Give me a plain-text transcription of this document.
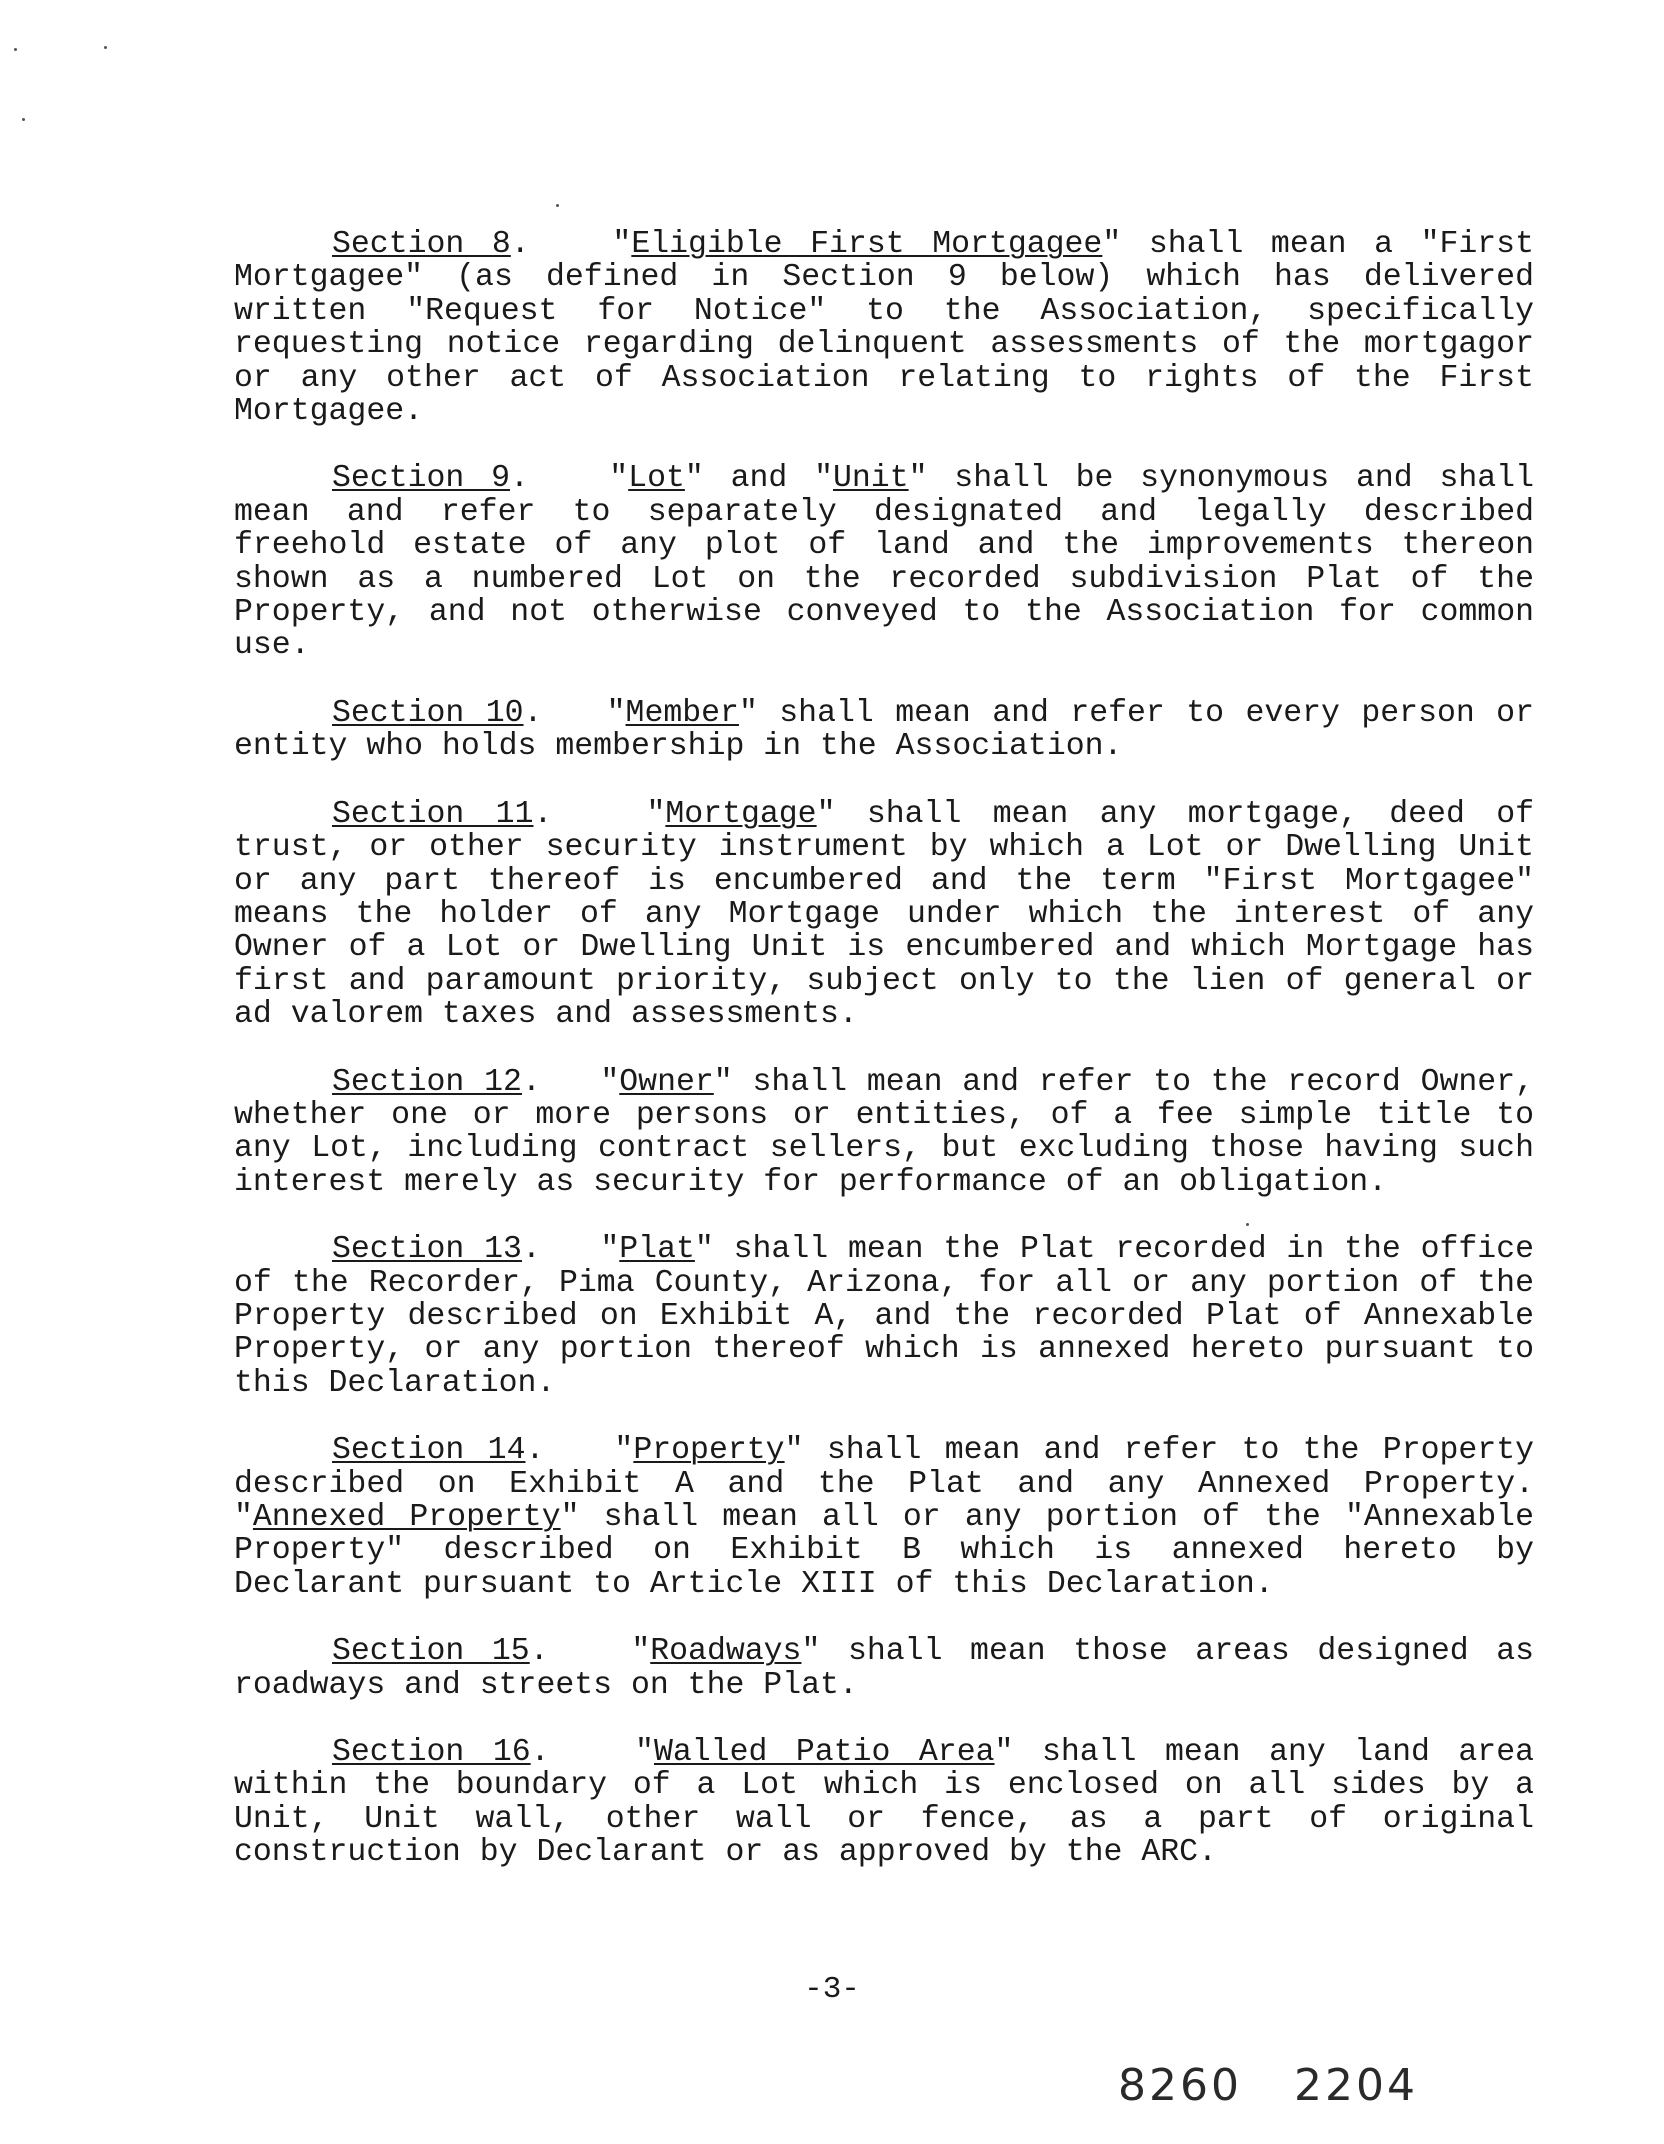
Section 8.   "Eligible First Mortgagee" shall mean a "First Mortgagee" (as defined in Section 9 below) which has delivered written "Request for Notice" to the Association, specifically requesting notice regarding delinquent assessments of the mortgagor or any other act of Association relating to rights of the First Mortgagee.

Section 9.   "Lot" and "Unit" shall be synonymous and shall mean and refer to separately designated and legally described freehold estate of any plot of land and the improvements thereon shown as a numbered Lot on the recorded subdivision Plat of the Property, and not otherwise conveyed to the Association for common use.

Section 10.   "Member" shall mean and refer to every person or entity who holds membership in the Association.

Section 11.   "Mortgage" shall mean any mortgage, deed of trust, or other security instrument by which a Lot or Dwelling Unit or any part thereof is encumbered and the term "First Mortgagee" means the holder of any Mortgage under which the interest of any Owner of a Lot or Dwelling Unit is encumbered and which Mortgage has first and paramount priority, subject only to the lien of general or ad valorem taxes and assessments.

Section 12.   "Owner" shall mean and refer to the record Owner, whether one or more persons or entities, of a fee simple title to any Lot, including contract sellers, but excluding those having such interest merely as security for performance of an obligation.

Section 13.   "Plat" shall mean the Plat recorded in the office of the Recorder, Pima County, Arizona, for all or any portion of the Property described on Exhibit A, and the recorded Plat of Annexable Property, or any portion thereof which is annexed hereto pursuant to this Declaration.

Section 14.   "Property" shall mean and refer to the Property described on Exhibit A and the Plat and any Annexed Property. "Annexed Property" shall mean all or any portion of the "Annexable Property" described on Exhibit B which is annexed hereto by Declarant pursuant to Article XIII of this Declaration.

Section 15.   "Roadways" shall mean those areas designed as roadways and streets on the Plat.

Section 16.   "Walled Patio Area" shall mean any land area within the boundary of a Lot which is enclosed on all sides by a Unit, Unit wall, other wall or fence, as a part of original construction by Declarant or as approved by the ARC.

-3-
8260 2204
